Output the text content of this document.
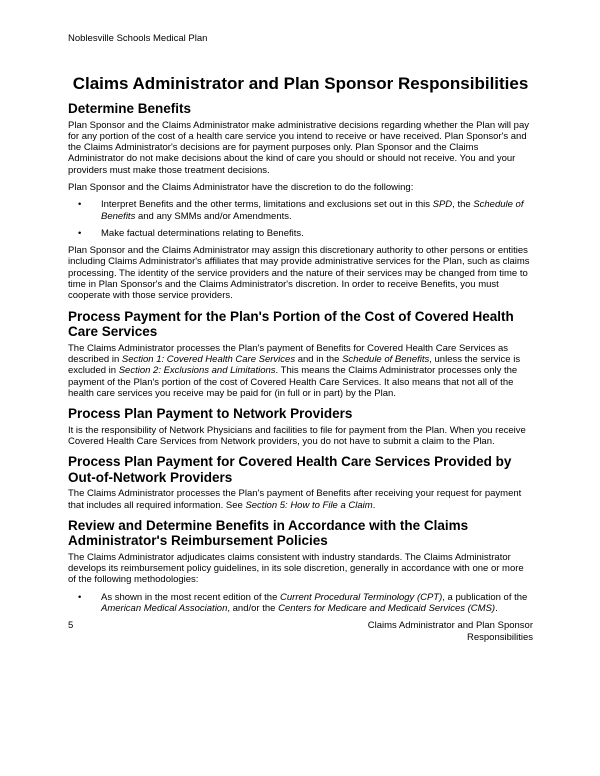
Noblesville Schools Medical Plan
Claims Administrator and Plan Sponsor Responsibilities
Determine Benefits

Plan Sponsor and the Claims Administrator make administrative decisions regarding whether the Plan will pay for any portion of the cost of a health care service you intend to receive or have received. Plan Sponsor's and the Claims Administrator's decisions are for payment purposes only. Plan Sponsor and the Claims Administrator do not make decisions about the kind of care you should or should not receive. You and your providers must make those treatment decisions.

Plan Sponsor and the Claims Administrator have the discretion to do the following:

•	Interpret Benefits and the other terms, limitations and exclusions set out in this SPD, the Schedule of Benefits and any SMMs and/or Amendments.
•	Make factual determinations relating to Benefits.

Plan Sponsor and the Claims Administrator may assign this discretionary authority to other persons or entities including Claims Administrator's affiliates that may provide administrative services for the Plan, such as claims processing. The identity of the service providers and the nature of their services may be changed from time to time in Plan Sponsor's and the Claims Administrator's discretion. In order to receive Benefits, you must cooperate with those service providers.

Process Payment for the Plan's Portion of the Cost of Covered Health Care Services

The Claims Administrator processes the Plan's payment of Benefits for Covered Health Care Services as described in Section 1: Covered Health Care Services and in the Schedule of Benefits, unless the service is excluded in Section 2: Exclusions and Limitations. This means the Claims Administrator processes only the payment of the Plan's portion of the cost of Covered Health Care Services. It also means that not all of the health care services you receive may be paid for (in full or in part) by the Plan.

Process Plan Payment to Network Providers

It is the responsibility of Network Physicians and facilities to file for payment from the Plan. When you receive Covered Health Care Services from Network providers, you do not have to submit a claim to the Plan.

Process Plan Payment for Covered Health Care Services Provided by Out-of-Network Providers

The Claims Administrator processes the Plan's payment of Benefits after receiving your request for payment that includes all required information. See Section 5: How to File a Claim.

Review and Determine Benefits in Accordance with the Claims Administrator's Reimbursement Policies

The Claims Administrator adjudicates claims consistent with industry standards. The Claims Administrator develops its reimbursement policy guidelines, in its sole discretion, generally in accordance with one or more of the following methodologies:

•	As shown in the most recent edition of the Current Procedural Terminology (CPT), a publication of the American Medical Association, and/or the Centers for Medicare and Medicaid Services (CMS).
5	Claims Administrator and Plan Sponsor Responsibilities
